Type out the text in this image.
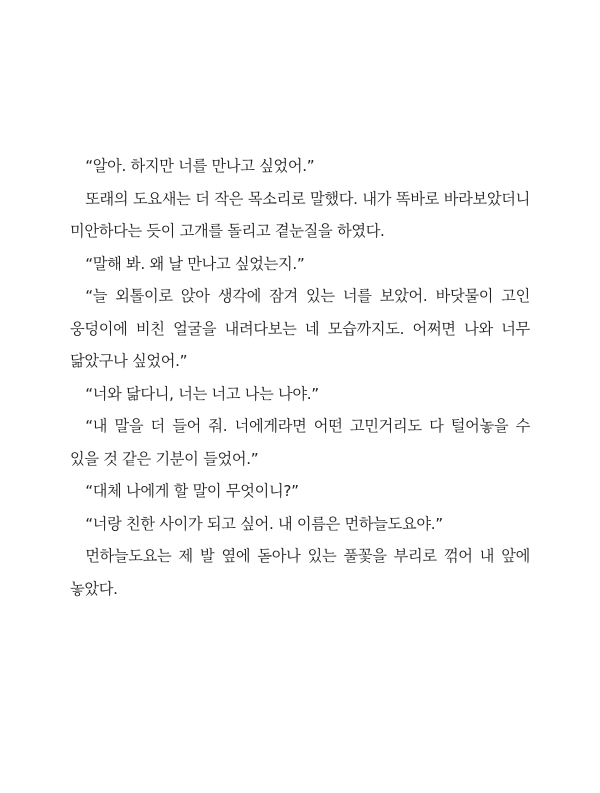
“알아. 하지만 너를 만나고 싶었어.”

또래의 도요새는 더 작은 목소리로 말했다. 내가 똑바로 바라보았더니 미안하다는 듯이 고개를 돌리고 곁눈질을 하였다.

“말해 봐. 왜 날 만나고 싶었는지.”

“늘 외톨이로 앉아 생각에 잠겨 있는 너를 보았어. 바닷물이 고인 웅덩이에 비친 얼굴을 내려다보는 네 모습까지도. 어쩌면 나와 너무 닮았구나 싶었어.”

“너와 닮다니, 너는 너고 나는 나야.”

“내 말을 더 들어 줘. 너에게라면 어떤 고민거리도 다 털어놓을 수 있을 것 같은 기분이 들었어.”

“대체 나에게 할 말이 무엇이니?”

“너랑 친한 사이가 되고 싶어. 내 이름은 먼하늘도요야.”

먼하늘도요는 제 발 옆에 돋아나 있는 풀꽃을 부리로 꺾어 내 앞에 놓았다.
